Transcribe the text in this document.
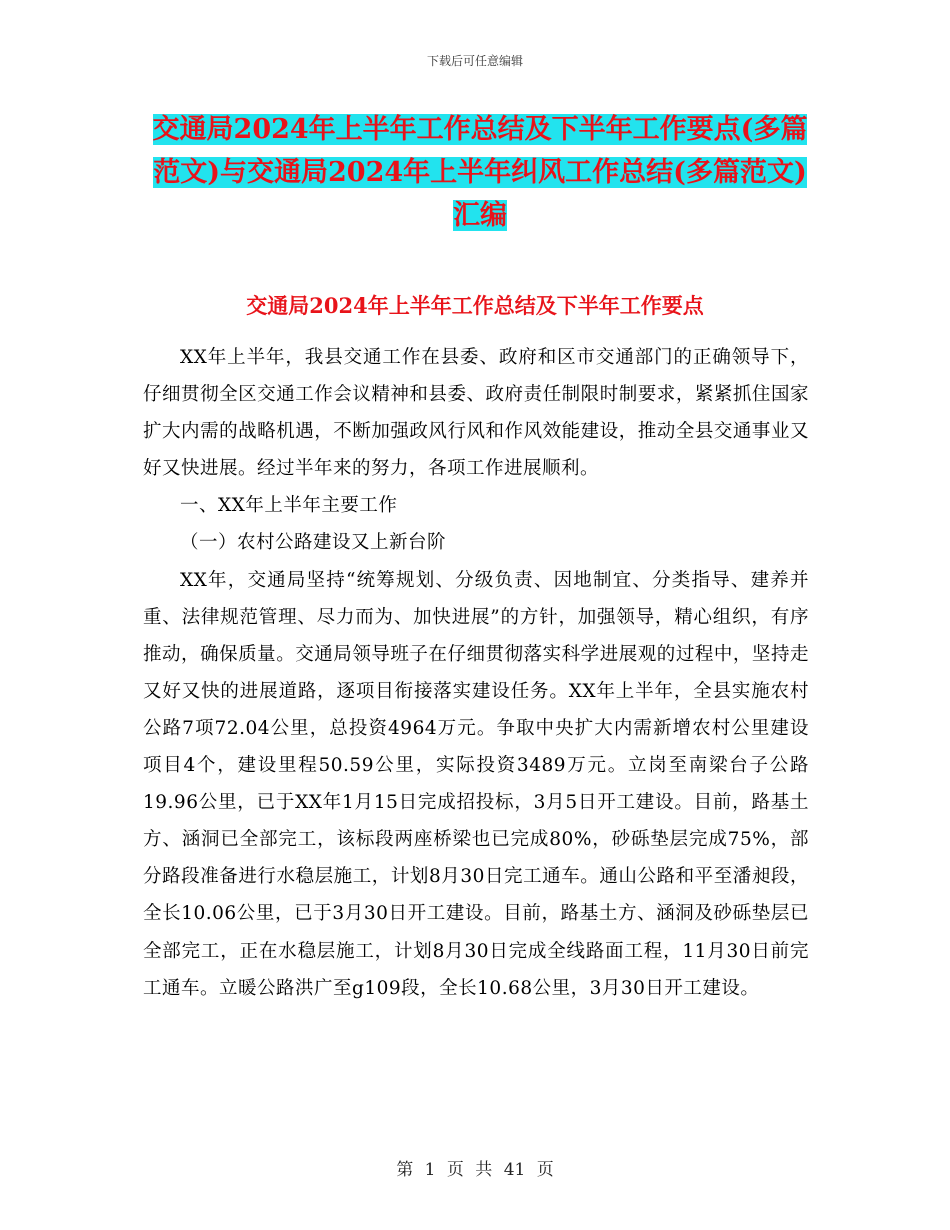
下载后可任意编辑
交通局2024年上半年工作总结及下半年工作要点(多篇范文)与交通局2024年上半年纠风工作总结(多篇范文)汇编
交通局2024年上半年工作总结及下半年工作要点

XX年上半年，我县交通工作在县委、政府和区市交通部门的正确领导下，仔细贯彻全区交通工作会议精神和县委、政府责任制限时制要求，紧紧抓住国家扩大内需的战略机遇，不断加强政风行风和作风效能建设，推动全县交通事业又好又快进展。经过半年来的努力，各项工作进展顺利。

一、XX年上半年主要工作

（一）农村公路建设又上新台阶

XX年，交通局坚持“统筹规划、分级负责、因地制宜、分类指导、建养并重、法律规范管理、尽力而为、加快进展”的方针，加强领导，精心组织，有序推动，确保质量。交通局领导班子在仔细贯彻落实科学进展观的过程中，坚持走又好又快的进展道路，逐项目衔接落实建设任务。XX年上半年，全县实施农村公路7项72.04公里，总投资4964万元。争取中央扩大内需新增农村公里建设项目4个，建设里程50.59公里，实际投资3489万元。立岗至南梁台子公路19.96公里，已于XX年1月15日完成招投标，3月5日开工建设。目前，路基土方、涵洞已全部完工，该标段两座桥梁也已完成80%，砂砾垫层完成75%，部分路段准备进行水稳层施工，计划8月30日完工通车。通山公路和平至潘昶段，全长10.06公里，已于3月30日开工建设。目前，路基土方、涵洞及砂砾垫层已全部完工，正在水稳层施工，计划8月30日完成全线路面工程，11月30日前完工通车。立暖公路洪广至g109段，全长10.68公里，3月30日开工建设。

第 1 页 共 41 页
